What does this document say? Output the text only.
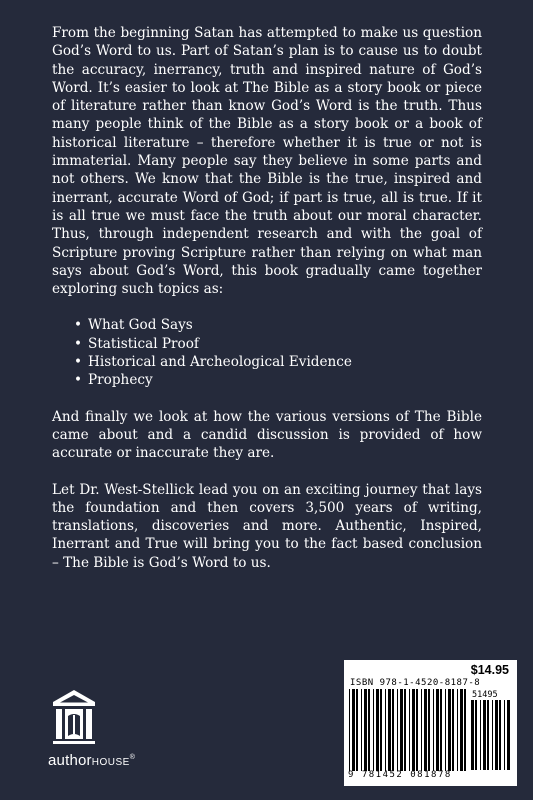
From the beginning Satan has attempted to make us question God’s Word to us. Part of Satan’s plan is to cause us to doubt the accuracy, inerrancy, truth and inspired nature of God’s Word. It’s easier to look at The Bible as a story book or piece of literature rather than know God’s Word is the truth. Thus many people think of the Bible as a story book or a book of historical literature – therefore whether it is true or not is immaterial. Many people say they believe in some parts and not others. We know that the Bible is the true, inspired and inerrant, accurate Word of God; if part is true, all is true. If it is all true we must face the truth about our moral character. Thus, through independent research and with the goal of Scripture proving Scripture rather than relying on what man says about God’s Word, this book gradually came together exploring such topics as:

• What God Says
• Statistical Proof
• Historical and Archeological Evidence
• Prophecy

And finally we look at how the various versions of The Bible came about and a candid discussion is provided of how accurate or inaccurate they are.

Let Dr. West-Stellick lead you on an exciting journey that lays the foundation and then covers 3,500 years of writing, translations, discoveries and more. Authentic, Inspired, Inerrant and True will bring you to the fact based conclusion – The Bible is God’s Word to us.

authorHOUSE®
$14.95
ISBN 978-1-4520-8187-8
51495
9 781452 081878
